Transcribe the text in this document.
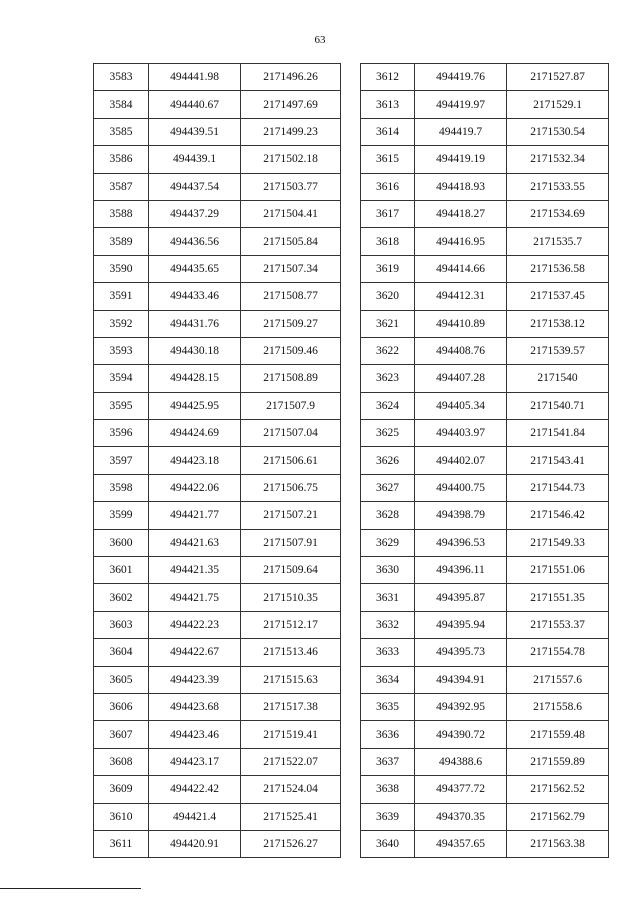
63
3583	494441.98	2171496.26
3584	494440.67	2171497.69
3585	494439.51	2171499.23
3586	494439.1	2171502.18
3587	494437.54	2171503.77
3588	494437.29	2171504.41
3589	494436.56	2171505.84
3590	494435.65	2171507.34
3591	494433.46	2171508.77
3592	494431.76	2171509.27
3593	494430.18	2171509.46
3594	494428.15	2171508.89
3595	494425.95	2171507.9
3596	494424.69	2171507.04
3597	494423.18	2171506.61
3598	494422.06	2171506.75
3599	494421.77	2171507.21
3600	494421.63	2171507.91
3601	494421.35	2171509.64
3602	494421.75	2171510.35
3603	494422.23	2171512.17
3604	494422.67	2171513.46
3605	494423.39	2171515.63
3606	494423.68	2171517.38
3607	494423.46	2171519.41
3608	494423.17	2171522.07
3609	494422.42	2171524.04
3610	494421.4	2171525.41
3611	494420.91	2171526.27
3612	494419.76	2171527.87
3613	494419.97	2171529.1
3614	494419.7	2171530.54
3615	494419.19	2171532.34
3616	494418.93	2171533.55
3617	494418.27	2171534.69
3618	494416.95	2171535.7
3619	494414.66	2171536.58
3620	494412.31	2171537.45
3621	494410.89	2171538.12
3622	494408.76	2171539.57
3623	494407.28	2171540
3624	494405.34	2171540.71
3625	494403.97	2171541.84
3626	494402.07	2171543.41
3627	494400.75	2171544.73
3628	494398.79	2171546.42
3629	494396.53	2171549.33
3630	494396.11	2171551.06
3631	494395.87	2171551.35
3632	494395.94	2171553.37
3633	494395.73	2171554.78
3634	494394.91	2171557.6
3635	494392.95	2171558.6
3636	494390.72	2171559.48
3637	494388.6	2171559.89
3638	494377.72	2171562.52
3639	494370.35	2171562.79
3640	494357.65	2171563.38
